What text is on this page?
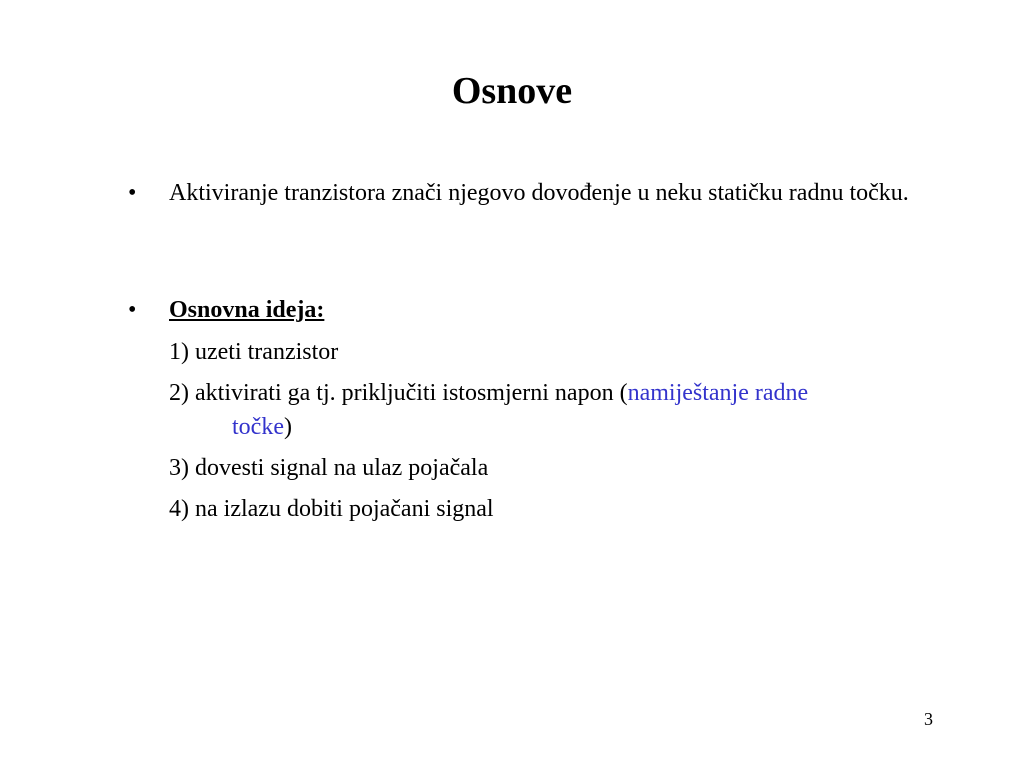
Osnove
• Aktiviranje tranzistora znači njegovo dovođenje u neku statičku radnu točku.
• Osnovna ideja:
1) uzeti tranzistor
2) aktivirati ga tj. priključiti istosmjerni napon (namiještanje radne
točke)
3) dovesti signal na ulaz pojačala
4) na izlazu dobiti pojačani signal
3
